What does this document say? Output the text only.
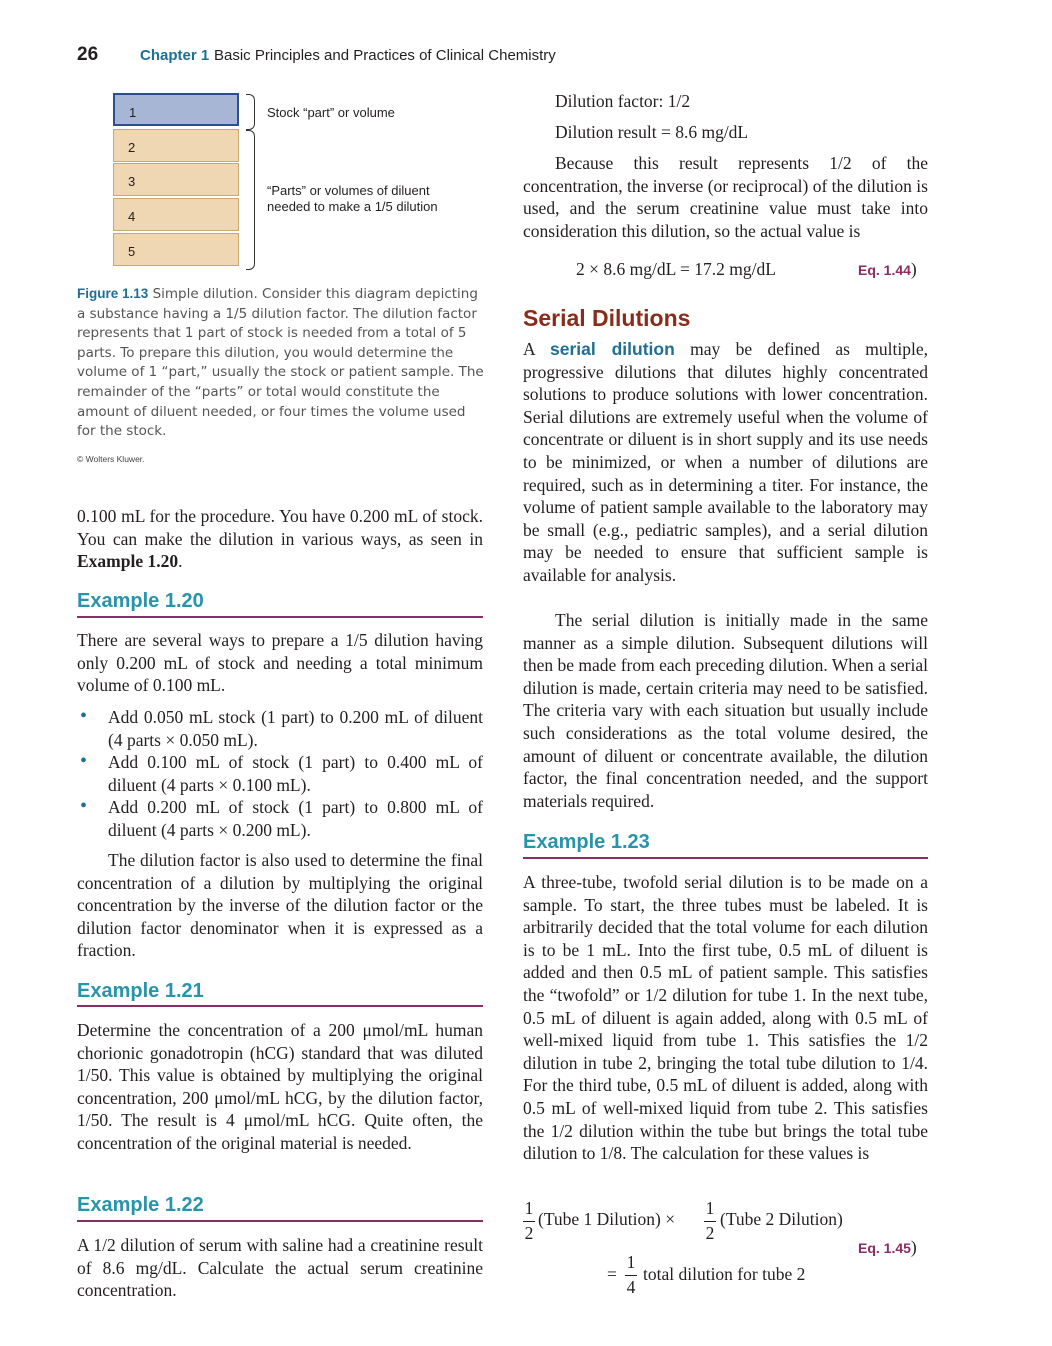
26	Chapter 1 Basic Principles and Practices of Clinical Chemistry
1
2
3
4
5
Stock “part” or volume
“Parts” or volumes of diluent
needed to make a 1/5 dilution
Figure 1.13 Simple dilution. Consider this diagram depicting a substance having a 1/5 dilution factor. The dilution factor represents that 1 part of stock is needed from a total of 5 parts. To prepare this dilution, you would determine the volume of 1 “part,” usually the stock or patient sample. The remainder of the “parts” or total would constitute the amount of diluent needed, or four times the volume used for the stock.
© Wolters Kluwer.
0.100 mL for the procedure. You have 0.200 mL of stock. You can make the dilution in various ways, as seen in Example 1.20.
Example 1.20
There are several ways to prepare a 1/5 dilution having only 0.200 mL of stock and needing a total minimum volume of 0.100 mL.
• Add 0.050 mL stock (1 part) to 0.200 mL of diluent (4 parts × 0.050 mL).
• Add 0.100 mL of stock (1 part) to 0.400 mL of diluent (4 parts × 0.100 mL).
• Add 0.200 mL of stock (1 part) to 0.800 mL of diluent (4 parts × 0.200 mL).
The dilution factor is also used to determine the final concentration of a dilution by multiplying the original concentration by the inverse of the dilution factor or the dilution factor denominator when it is expressed as a fraction.
Example 1.21
Determine the concentration of a 200 μmol/mL human chorionic gonadotropin (hCG) standard that was diluted 1/50. This value is obtained by multiplying the original concentration, 200 μmol/mL hCG, by the dilution factor, 1/50. The result is 4 μmol/mL hCG. Quite often, the concentration of the original material is needed.
Example 1.22
A 1/2 dilution of serum with saline had a creatinine result of 8.6 mg/dL. Calculate the actual serum creatinine concentration.
Dilution factor: 1/2
Dilution result = 8.6 mg/dL
Because this result represents 1/2 of the concentration, the inverse (or reciprocal) of the dilution is used, and the serum creatinine value must take into consideration this dilution, so the actual value is
2 × 8.6 mg/dL = 17.2 mg/dL	Eq. 1.44)
Serial Dilutions
A serial dilution may be defined as multiple, progressive dilutions that dilutes highly concentrated solutions to produce solutions with lower concentration. Serial dilutions are extremely useful when the volume of concentrate or diluent is in short supply and its use needs to be minimized, or when a number of dilutions are required, such as in determining a titer. For instance, the volume of patient sample available to the laboratory may be small (e.g., pediatric samples), and a serial dilution may be needed to ensure that sufficient sample is available for analysis.
The serial dilution is initially made in the same manner as a simple dilution. Subsequent dilutions will then be made from each preceding dilution. When a serial dilution is made, certain criteria may need to be satisfied. The criteria vary with each situation but usually include such considerations as the total volume desired, the amount of diluent or concentrate available, the dilution factor, the final concentration needed, and the support materials required.
Example 1.23
A three-tube, twofold serial dilution is to be made on a sample. To start, the three tubes must be labeled. It is arbitrarily decided that the total volume for each dilution is to be 1 mL. Into the first tube, 0.5 mL of diluent is added and then 0.5 mL of patient sample. This satisfies the “twofold” or 1/2 dilution for tube 1. In the next tube, 0.5 mL of diluent is again added, along with 0.5 mL of well-mixed liquid from tube 1. This satisfies the 1/2 dilution in tube 2, bringing the total tube dilution to 1/4. For the third tube, 0.5 mL of diluent is added, along with 0.5 mL of well-mixed liquid from tube 2. This satisfies the 1/2 dilution within the tube but brings the total tube dilution to 1/8. The calculation for these values is
1
2
(Tube 1 Dilution) ×
1
2
(Tube 2 Dilution)
Eq. 1.45)
=
1
4
total dilution for tube 2
